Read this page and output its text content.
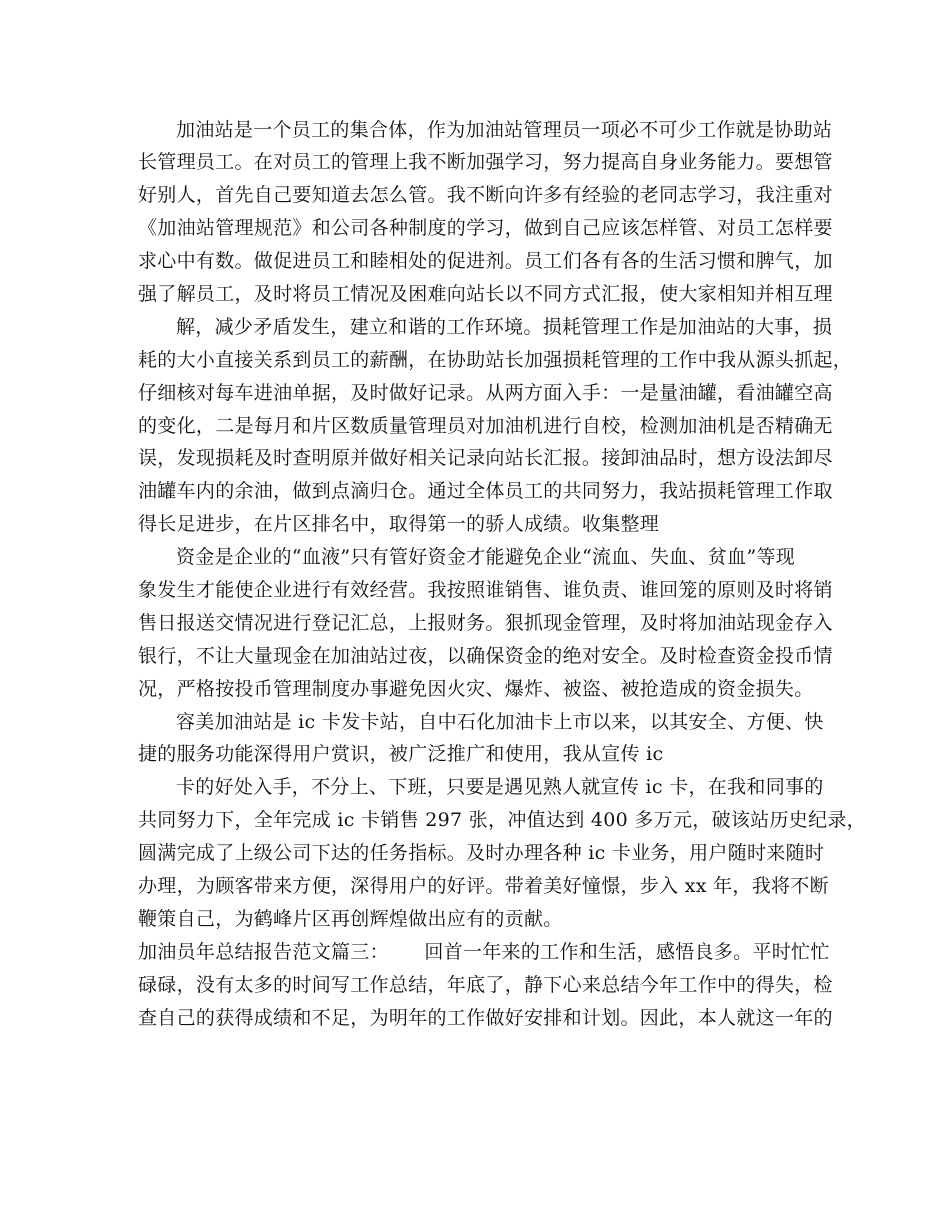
加油站是一个员工的集合体，作为加油站管理员一项必不可少工作就是协助站
长管理员工。在对员工的管理上我不断加强学习，努力提高自身业务能力。要想管
好别人，首先自己要知道去怎么管。我不断向许多有经验的老同志学习，我注重对
《加油站管理规范》和公司各种制度的学习，做到自己应该怎样管、对员工怎样要
求心中有数。做促进员工和睦相处的促进剂。员工们各有各的生活习惯和脾气，加
强了解员工，及时将员工情况及困难向站长以不同方式汇报，使大家相知并相互理
解，减少矛盾发生，建立和谐的工作环境。损耗管理工作是加油站的大事，损
耗的大小直接关系到员工的薪酬，在协助站长加强损耗管理的工作中我从源头抓起，
仔细核对每车进油单据，及时做好记录。从两方面入手：一是量油罐，看油罐空高
的变化，二是每月和片区数质量管理员对加油机进行自校，检测加油机是否精确无
误，发现损耗及时查明原并做好相关记录向站长汇报。接卸油品时，想方设法卸尽
油罐车内的余油，做到点滴归仓。通过全体员工的共同努力，我站损耗管理工作取
得长足进步，在片区排名中，取得第一的骄人成绩。收集整理
资金是企业的“血液”只有管好资金才能避免企业“流血、失血、贫血”等现
象发生才能使企业进行有效经营。我按照谁销售、谁负责、谁回笼的原则及时将销
售日报送交情况进行登记汇总，上报财务。狠抓现金管理，及时将加油站现金存入
银行，不让大量现金在加油站过夜，以确保资金的绝对安全。及时检查资金投币情
况，严格按投币管理制度办事避免因火灾、爆炸、被盗、被抢造成的资金损失。
容美加油站是 ic 卡发卡站，自中石化加油卡上市以来，以其安全、方便、快
捷的服务功能深得用户赏识，被广泛推广和使用，我从宣传 ic
卡的好处入手，不分上、下班，只要是遇见熟人就宣传 ic 卡，在我和同事的
共同努力下，全年完成 ic 卡销售 297 张，冲值达到 400 多万元，破该站历史纪录，
圆满完成了上级公司下达的任务指标。及时办理各种 ic 卡业务，用户随时来随时
办理，为顾客带来方便，深得用户的好评。带着美好憧憬，步入 xx 年，我将不断
鞭策自己，为鹤峰片区再创辉煌做出应有的贡献。
加油员年总结报告范文篇三：　　 回首一年来的工作和生活，感悟良多。平时忙忙
碌碌，没有太多的时间写工作总结，年底了，静下心来总结今年工作中的得失，检
查自己的获得成绩和不足，为明年的工作做好安排和计划。因此，本人就这一年的
